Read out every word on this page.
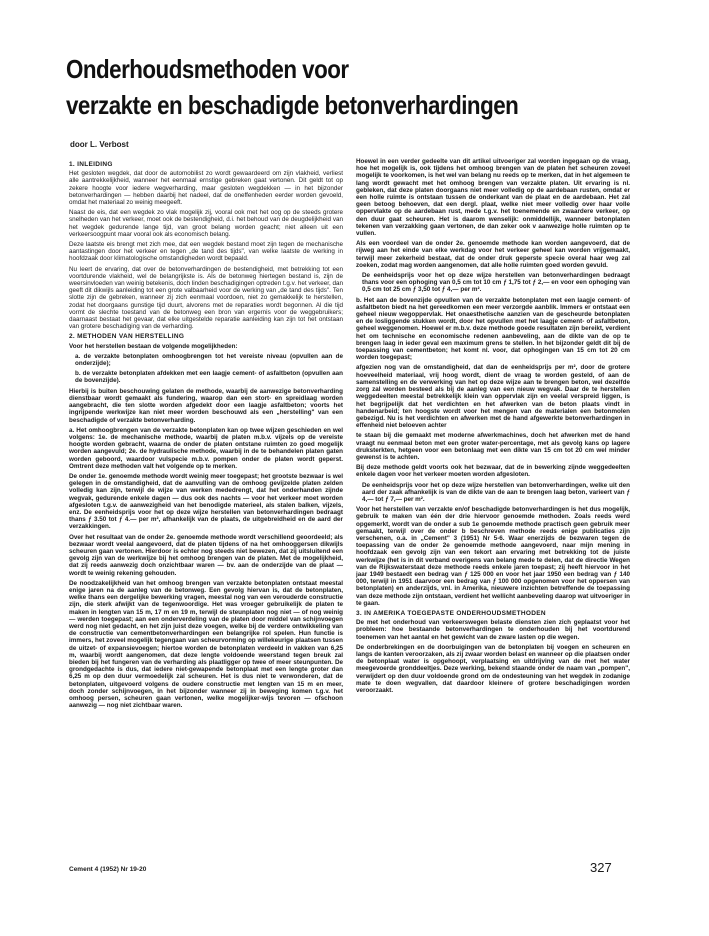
Onderhoudsmethoden voor
verzakte en beschadigde betonverhardingen
door L. Verbost
1. INLEIDING

Het gesloten wegdek, dat door de automobilist zo wordt gewaardeerd om zijn vlakheid, verliest alle aantrekkelijkheid, wanneer het eenmaal ernstige gebreken gaat vertonen. Dit geldt tot op zekere hoogte voor iedere wegverharding, maar gesloten wegdekken — in het bijzonder betonverhardingen — hebben daarbij het nadeel, dat de oneffenheden eerder worden gevoeld, omdat het materiaal zo weinig meegeeft.

Naast de eis, dat een wegdek zo vlak mogelijk zij, vooral ook met het oog op de steeds grotere snelheden van het verkeer, moet ook de bestendigheid, d.i. het behoud van de deugdelijkheid van het wegdek gedurende lange tijd, van groot belang worden geacht; niet alleen uit een verkeersoogpunt maar vooral ook als economisch belang.

Deze laatste eis brengt met zich mee, dat een wegdek bestand moet zijn tegen de mechanische aantastingen door het verkeer en tegen „de tand des tijds", van welke laatste de werking in hoofdzaak door klimatologische omstandigheden wordt bepaald.

Nu leert de ervaring, dat over de betonverhardingen de bestendigheid, met betrekking tot een voortdurende vlakheid, wel de belangrijkste is. Als de betonweg hiertegen bestand is, zijn de weersinvloeden van weinig betekenis, doch linden beschadigingen optreden t.g.v. het verkeer, dan geeft dit dikwijls aanleiding tot een grote valbaarheid voor de werking van „de tand des tijds". Ten slotte zijn de gebreken, wanneer zij zich eenmaal voordoen, niet zo gemakkelijk te herstellen, zodat het doorgaans gunstige tijd duurt, alvorens met de reparaties wordt begonnen. Al die tijd vormt de slechte toestand van de betonweg een bron van ergernis voor de weggebruikers; daarnaast bestaat het gevaar, dat elke uitgestelde reparatie aanleiding kan zijn tot het ontstaan van grotere beschadiging van de verharding.

2. METHODEN VAN HERSTELLING

Voor het herstellen bestaan de volgende mogelijkheden:

a. de verzakte betonplaten omhoogbrengen tot het vereiste niveau (opvullen aan de onderzijde);

b. de verzakte betonplaten afdekken met een laagje cement- of asfaltbeton (opvullen aan de bovenzijde).

Hierbij is buiten beschouwing gelaten de methode, waarbij de aanwezige betonverharding dienstbaar wordt gemaakt als fundering, waarop dan een stort- en spreidlaag worden aangebracht, die ten slotte worden afgedekt door een laagje asfaltbeton; voorts het ingrijpende werkwijze kan niet meer worden beschouwd als een „herstelling" van een beschadigde of verzakte betonverharding.

a. Het omhoogbrengen van de verzakte betonplaten kan op twee wijzen geschieden en wel volgens: 1e. de mechanische methode, waarbij de platen m.b.v. vijzels op de vereiste hoogte worden gebracht, waarna de onder de platen ontstane ruimten zo goed mogelijk worden aangevuld; 2e. de hydraulische methode, waarbij in de te behandelen platen gaten worden geboord, waardoor vulspecie m.b.v. pompen onder de platen wordt geperst. Omtrent deze methoden valt het volgende op te merken.

De onder 1e. genoemde methode wordt weinig meer toegepast; het grootste bezwaar is wel gelegen in de omstandigheid, dat de aanvulling van de omhoog gevijzelde platen zelden volledig kan zijn, terwijl de wijze van werken mededrengt, dat het onderhanden zijnde wegvak, gedurende enkele dagen — dus ook des nachts — voor het verkeer moet worden afgesloten t.g.v. de aanwezigheid van het benodigde materieel, als stalen balken, vijzels, enz. De eenheidsprijs voor het op deze wijze herstellen van betonverhardingen bedraagt thans ƒ 3.50 tot ƒ 4.— per m², afhankelijk van de plaats, de uitgebreidheid en de aard der verzakkingen.

Over het resultaat van de onder 2e. genoemde methode wordt verschillend geoordeeld; als bezwaar wordt veelal aangevoerd, dat de platen tijdens of na het omhooggersen dikwijls scheuren gaan vertonen. Hierdoor is echter nog steeds niet bewezen, dat zij uitsluitend een gevolg zijn van de werkwijze bij het omhoog brengen van de platen. Met de mogelijkheid, dat zij reeds aanwezig doch onzichtbaar waren — bv. aan de onderzijde van de plaat — wordt te weinig rekening gehouden.

De noodzakelijkheid van het omhoog brengen van verzakte betonplaten ontstaat meestal enige jaren na de aanleg van de betonweg. Een gevolg hiervan is, dat de betonplaten, welke thans een dergelijke bewerking vragen, meestal nog van een verouderde constructie zijn, die sterk afwijkt van de tegenwoordige. Het was vroeger gebruikelijk de platen te maken in lengten van 15 m, 17 m en 19 m, terwijl de steunplaten nog niet — of nog weinig — werden toegepast; aan een onderverdeling van de platen door middel van schijnvoegen werd nog niet gedacht, en het zijn juist deze voegen, welke bij de verdere ontwikkeling van de constructie van cementbetonverhardingen een belangrijke rol spelen. Hun functie is immers, het zoveel mogelijk tegengaan van scheurvorming op willekeurige plaatsen tussen de uitzet- of expansievoegen; hiertoe worden de betonplaten verdeeld in vakken van 6,25 m, waarbij wordt aangenomen, dat deze lengte voldoende weerstand tegen breuk zal bieden bij het fungeren van de verharding als plaatligger op twee of meer steunpunten. De grondgedachte is dus, dat iedere niet-gewapende betonplaat met een lengte groter dan 6,25 m op den duur vermoedelijk zal scheuren. Het is dus niet te verwonderen, dat de betonplaten, uitgevoerd volgens de oudere constructie met lengten van 15 m en meer, doch zonder schijnvoegen, in het bijzonder wanneer zij in beweging komen t.g.v. het omhoog persen, scheuren gaan vertonen, welke mogelijker-wijs tevoren — ofschoon aanwezig — nog niet zichtbaar waren.

Hoewel in een verder gedeelte van dit artikel uitvoeriger zal worden ingegaan op de vraag, hoe het mogelijk is, ook tijdens het omhoog brengen van de platen het scheuren zoveel mogelijk te voorkomen, is het wel van belang nu reeds op te merken, dat in het algemeen te lang wordt gewacht met het omhoog brengen van verzakte platen. Uit ervaring is nl. gebleken, dat deze platen doorgaans niet meer volledig op de aardebaan rusten, omdat er een holle ruimte is ontstaan tussen de onderkant van de plaat en de aardebaan. Het zal geen betoog behoeven, dat een dergl. plaat, welke niet meer volledig over haar volle oppervlakte op de aardebaan rust, mede t.g.v. het toenemende en zwaardere verkeer, op den duur gaat scheuren. Het is daarom wenselijk: onmiddellijk, wanneer betonplaten tekenen van verzakking gaan vertonen, de dan zeker ook v aanwezige holle ruimten op te vullen.

Als een voordeel van de onder 2e. genoemde methode kan worden aangevoerd, dat de rijweg aan het einde van elke werkdag voor het verkeer geheel kan worden vrijgemaakt, terwijl meer zekerheid bestaat, dat de onder druk geperste specie overal haar weg zal zoeken, zodat mag worden aangenomen, dat alle holle ruimten goed worden gevuld.

De eenheidsprijs voor het op deze wijze herstellen van betonverhardingen bedraagt thans voor een ophoging van 0,5 cm tot 10 cm ƒ 1,75 tot ƒ 2,— en voor een ophoging van 0,5 cm tot 25 cm ƒ 3,50 tot ƒ 4,— per m².

b. Het aan de bovenzijde opvullen van de verzakte betonplaten met een laagje cement- of asfaltbeton biedt na het gereedkomen een meer verzorgde aanblik. Immers er ontstaat een geheel nieuw wegoppervlak. Het onaesthetische aanzien van de gescheurde betonplaten en de losliggende stukken wordt, door het opvullen met het laagje cement- of asfaltbeton, geheel weggenomen. Hoewel er m.b.v. deze methode goede resultaten zijn bereikt, verdient het om technische en economische redenen aanbeveling, aan de dikte van de op te brengen laag in ieder geval een maximum grens te stellen. In het bijzonder geldt dit bij de toepassing van cementbeton; het komt nl. voor, dat ophogingen van 15 cm tot 20 cm worden toegepast;

afgezien nog van de omstandigheid, dat dan de eenheidsprijs per m², door de grotere hoeveelheid materiaal, vrij hoog wordt, dient de vraag te worden gesteld, of aan de samenstelling en de verwerking van het op deze wijze aan te brengen beton, wel dezelfde zorg zal worden besteed als bij de aanleg van een nieuw wegvak. Daar de te herstellen weggedeelten meestal betrekkelijk klein van oppervlak zijn en veelal verspreid liggen, is het begrijpelijk dat het verdichten en het afwerken van de beton plaats vindt in handenarbeid; ten hoogste wordt voor het mengen van de materialen een betonmolen gebezigd. Nu is het verdichten en afwerken met de hand afgewerkte betonverhardingen in effenheid niet beloeven achter

te staan bij die gemaakt met moderne afwerkmachines, doch het afwerken met de hand vraagt nu eenmaal beton met een groter water-percentage, met als gevolg kans op lagere druksterkten, hetgeen voor een betonlaag met een dikte van 15 cm tot 20 cm wel minder gewenst is te achten.

Bij deze methode geldt voorts ook het bezwaar, dat de in bewerking zijnde weggedeelten enkele dagen voor het verkeer moeten worden afgesloten.

De eenheidsprijs voor het op deze wijze herstellen van betonverhardingen, welke uit den aard der zaak afhankelijk is van de dikte van de aan te brengen laag beton, varieert van ƒ 4,— tot ƒ 7,— per m².

Voor het herstellen van verzakte en/of beschadigde betonverhardingen is het dus mogelijk, gebruik te maken van één der drie hiervoor genoemde methoden. Zoals reeds werd opgemerkt, wordt van de onder a sub 1e genoemde methode practisch geen gebruik meer gemaakt, terwijl over de onder b beschreven methode reeds enige publicaties zijn verschenen, o.a. in „Cement" 3 (1951) Nr 5-6. Waar enerzijds de bezwaren tegen de toepassing van de onder 2e genoemde methode aangevoerd, naar mijn mening in hoofdzaak een gevolg zijn van een tekort aan ervaring met betrekking tot de juiste werkwijze (het is in dit verband overigens van belang mede te delen, dat de directie Wegen van de Rijkswaterstaat deze methode reeds enkele jaren toepast; zij heeft hiervoor in het jaar 1949 bestaedt een bedrag van ƒ 125 000 en voor het jaar 1950 een bedrag van ƒ 140 000, terwijl in 1951 daarvoor een bedrag van ƒ 100 000 opgenomen voor het oppersen van betonplaten) en anderzijds, vnl. in Amerika, nieuwere inzichten betreffende de toepassing van deze methode zijn ontstaan, verdient het wellicht aanbeveling daarop wat uitvoeriger in te gaan.

3. IN AMERIKA TOEGEPASTE ONDERHOUDSMETHODEN

De met het onderhoud van verkeerswegen belaste diensten zien zich geplaatst voor het probleem: hoe bestaande betonverhardingen te onderhouden bij het voortdurend toenemen van het aantal en het gewicht van de zware lasten op die wegen.

De onderbrekingen en de doorbuigingen van de betonplaten bij voegen en scheuren en langs de kanten veroorzaken, als zij zwaar worden belast en wanneer op die plaatsen onder de betonplaat water is opgehoopt, verplaatsing en uitdrijving van de met het water meegevoerde gronddeeltjes. Deze werking, bekend staande onder de naam van „pompen", verwijdert op den duur voldoende grond om de ondesteuning van het wegdek in zodanige mate te doen wegvallen, dat daardoor kleinere of grotere beschadigingen worden veroorzaakt.

Cement 4 (1952) Nr 19-20	327
